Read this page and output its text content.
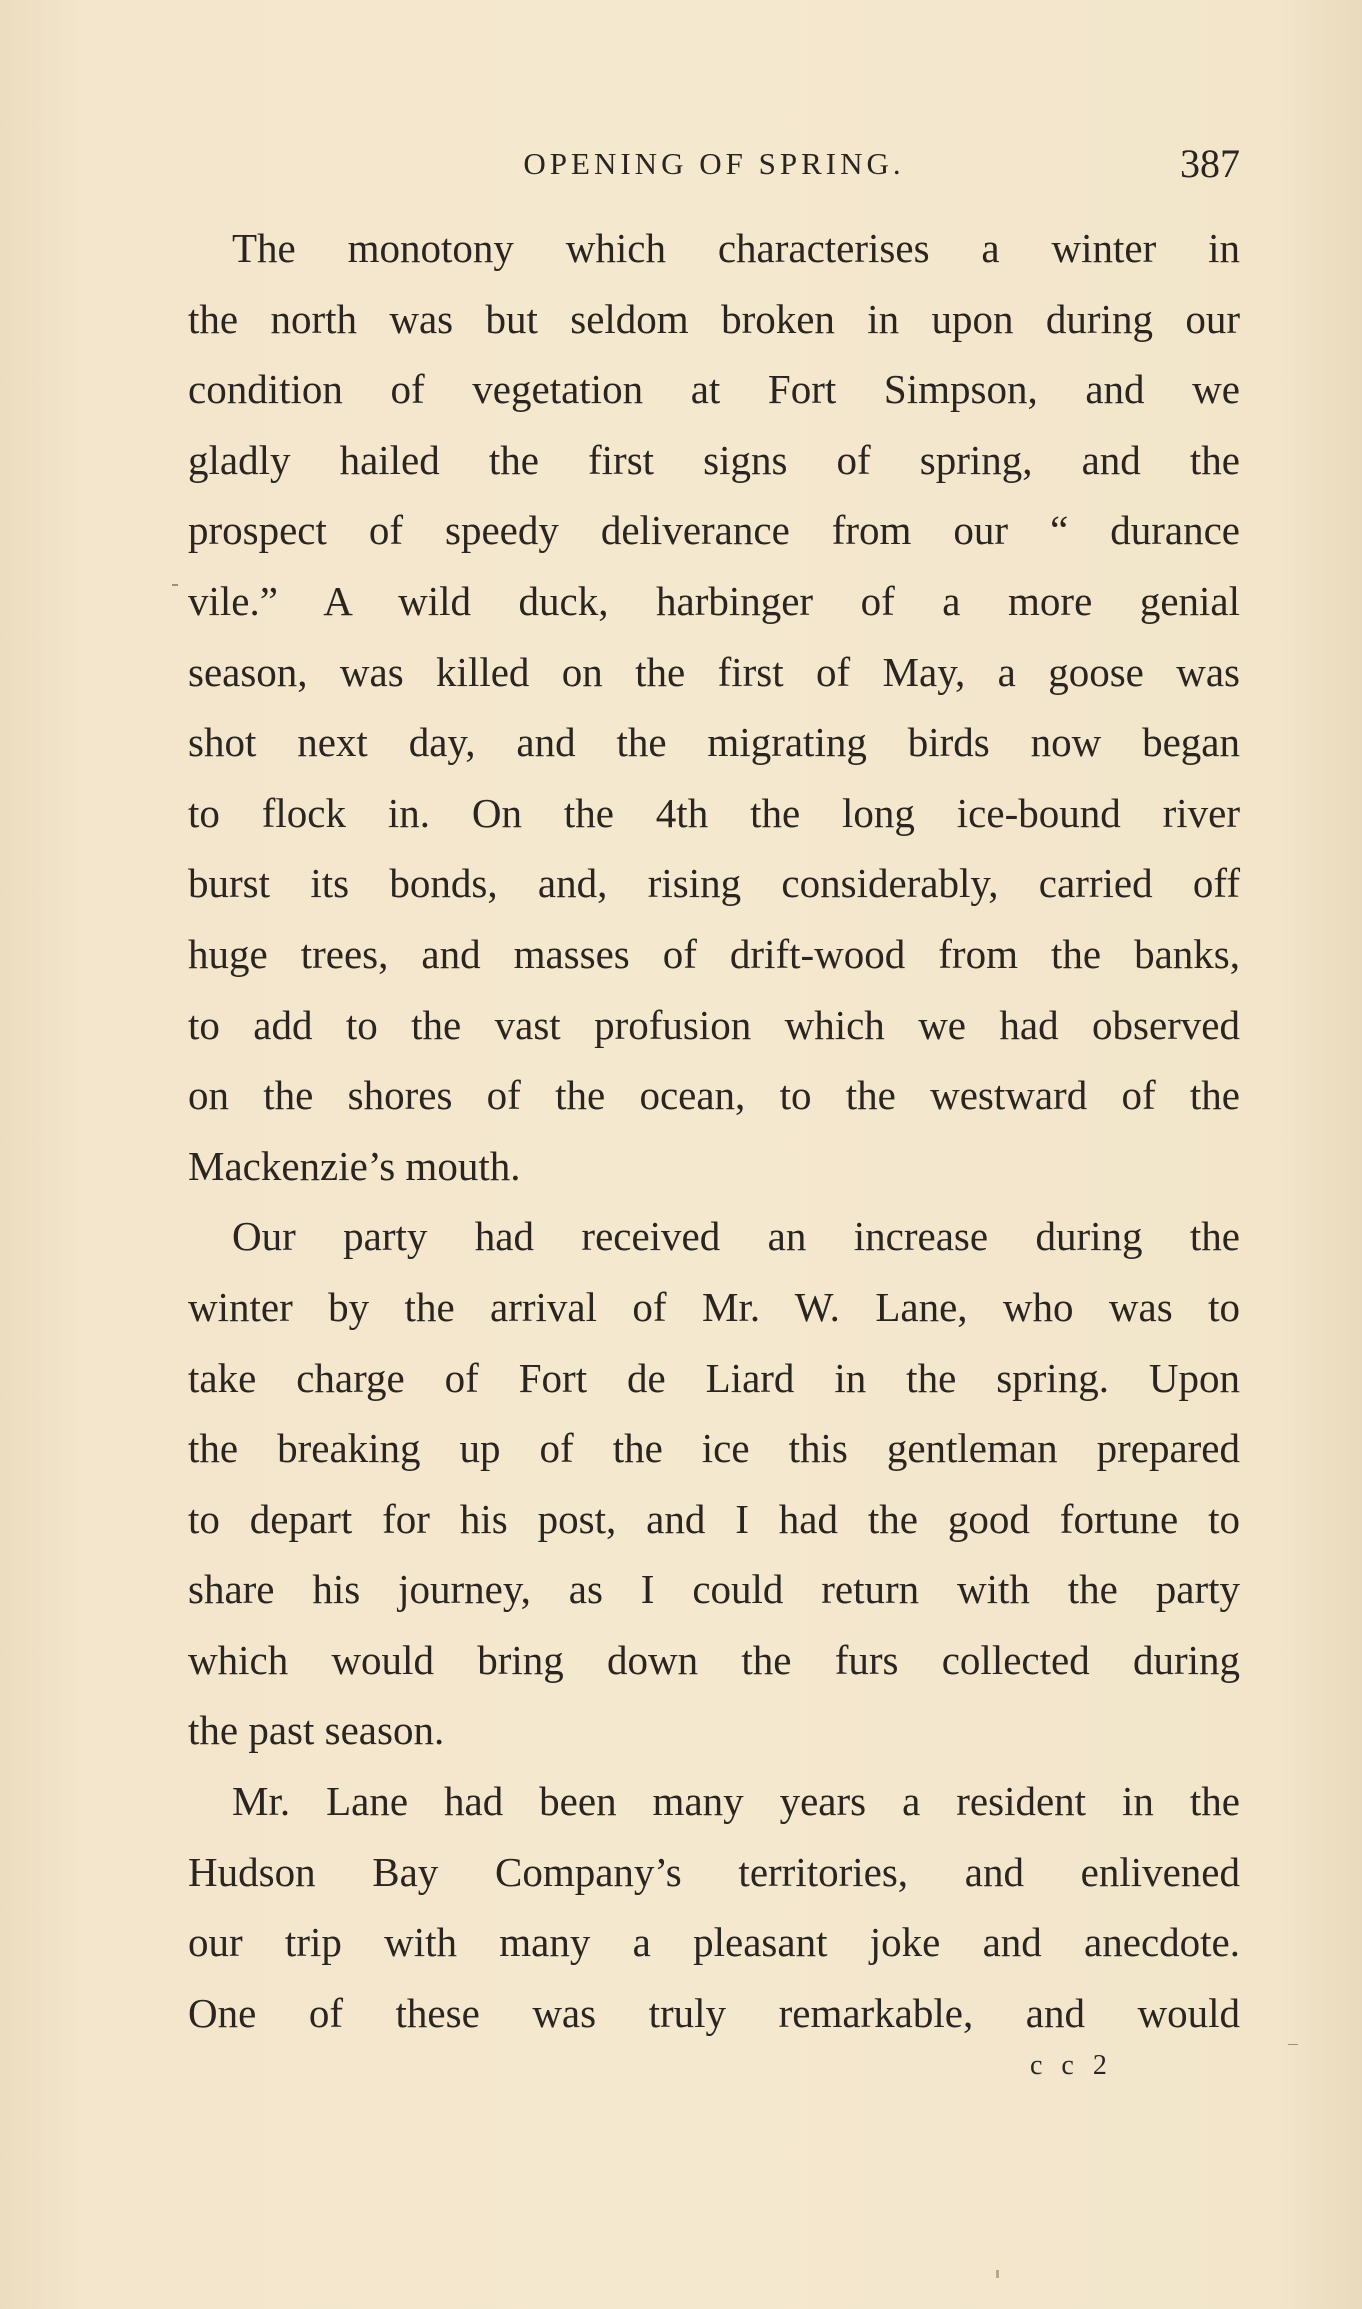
OPENING OF SPRING.	387
The monotony which characterises a winter in
the north was but seldom broken in upon during our
condition of vegetation at Fort Simpson, and we
gladly hailed the first signs of spring, and the
prospect of speedy deliverance from our “ durance
vile.” A wild duck, harbinger of a more genial
season, was killed on the first of May, a goose was
shot next day, and the migrating birds now began
to flock in. On the 4th the long ice-bound river
burst its bonds, and, rising considerably, carried off
huge trees, and masses of drift-wood from the banks,
to add to the vast profusion which we had observed
on the shores of the ocean, to the westward of the
Mackenzie’s mouth.
Our party had received an increase during the
winter by the arrival of Mr. W. Lane, who was to
take charge of Fort de Liard in the spring. Upon
the breaking up of the ice this gentleman prepared
to depart for his post, and I had the good fortune to
share his journey, as I could return with the party
which would bring down the furs collected during
the past season.
Mr. Lane had been many years a resident in the
Hudson Bay Company’s territories, and enlivened
our trip with many a pleasant joke and anecdote.
One of these was truly remarkable, and would
c c 2
